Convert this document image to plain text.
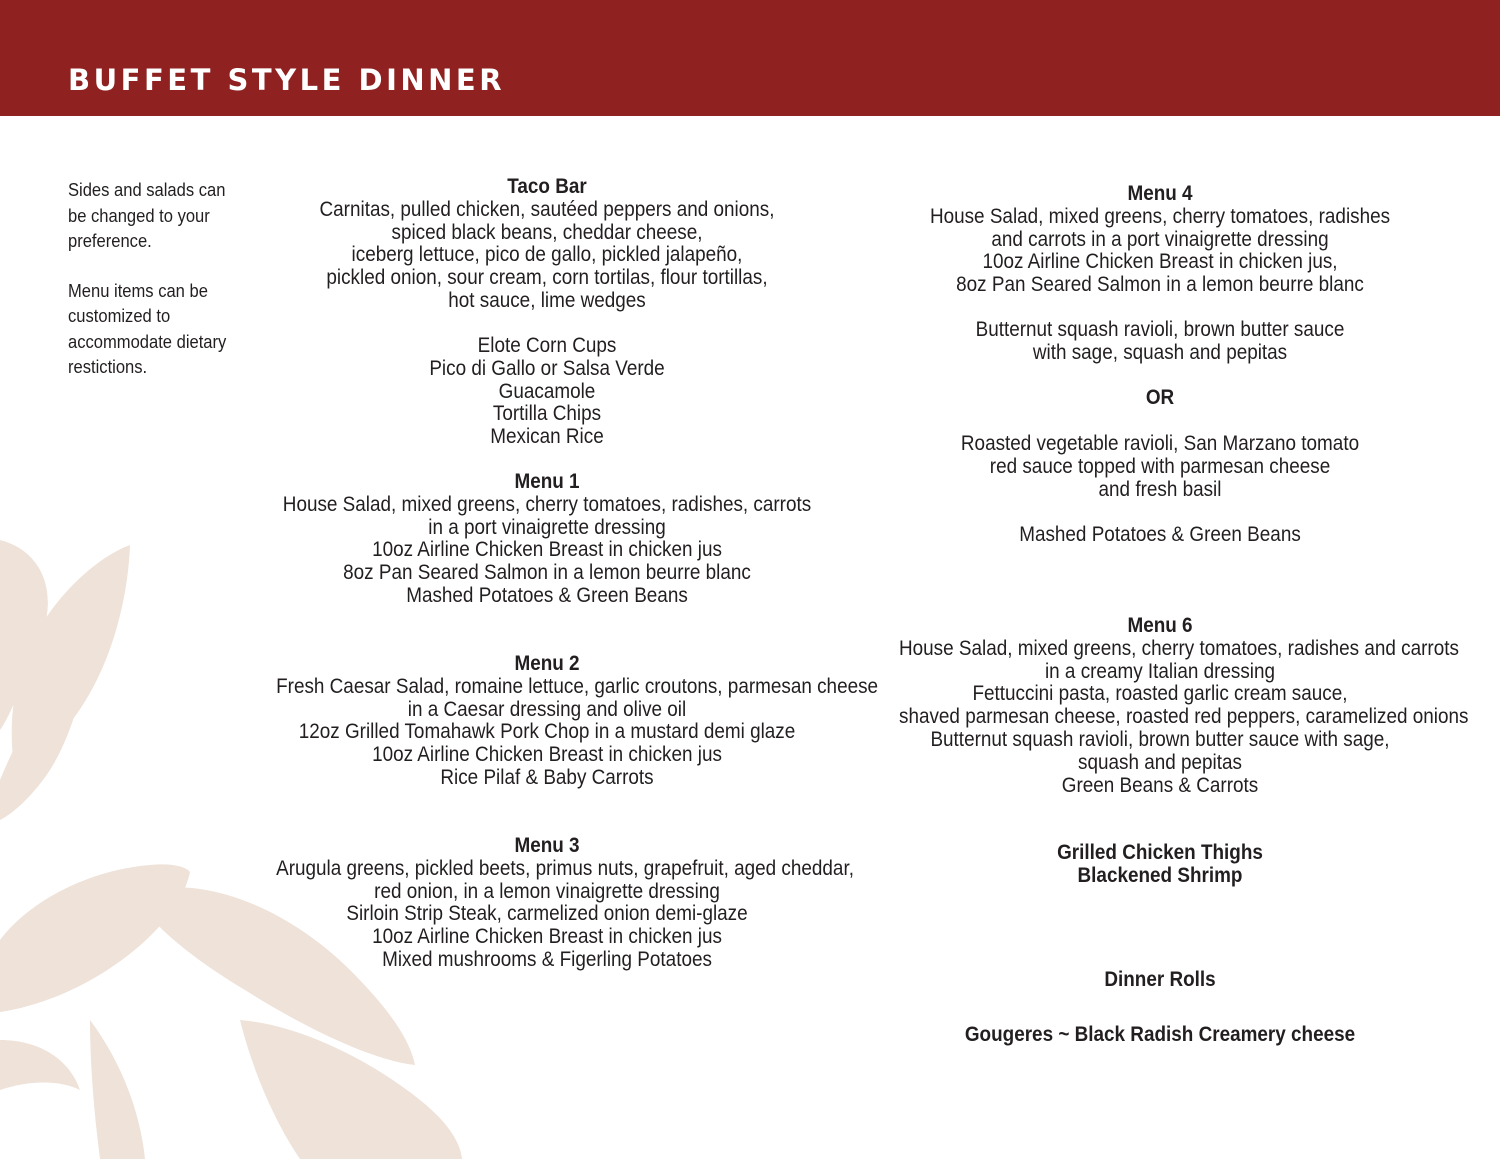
BUFFET STYLE DINNER

Sides and salads can
be changed to your
preference.

Menu items can be
customized to
accommodate dietary
restictions.

Taco Bar
Carnitas, pulled chicken, sautéed peppers and onions,
spiced black beans, cheddar cheese,
iceberg lettuce, pico de gallo, pickled jalapeño,
pickled onion, sour cream, corn tortilas, flour tortillas,
hot sauce, lime wedges
Elote Corn Cups
Pico di Gallo or Salsa Verde
Guacamole
Tortilla Chips
Mexican Rice
Menu 1
House Salad, mixed greens, cherry tomatoes, radishes, carrots
in a port vinaigrette dressing
10oz Airline Chicken Breast in chicken jus
8oz Pan Seared Salmon in a lemon beurre blanc
Mashed Potatoes & Green Beans
Menu 2
Fresh Caesar Salad, romaine lettuce, garlic croutons, parmesan cheese
in a Caesar dressing and olive oil
12oz Grilled Tomahawk Pork Chop in a mustard demi glaze
10oz Airline Chicken Breast in chicken jus
Rice Pilaf & Baby Carrots
Menu 3
Arugula greens, pickled beets, primus nuts, grapefruit, aged cheddar,
red onion, in a lemon vinaigrette dressing
Sirloin Strip Steak, carmelized onion demi-glaze
10oz Airline Chicken Breast in chicken jus
Mixed mushrooms & Figerling Potatoes
Menu 4
House Salad, mixed greens, cherry tomatoes, radishes
and carrots in a port vinaigrette dressing
10oz Airline Chicken Breast in chicken jus,
8oz Pan Seared Salmon in a lemon beurre blanc
Butternut squash ravioli, brown butter sauce
with sage, squash and pepitas
OR
Roasted vegetable ravioli, San Marzano tomato
red sauce topped with parmesan cheese
and fresh basil
Mashed Potatoes & Green Beans
Menu 6
House Salad, mixed greens, cherry tomatoes, radishes and carrots
in a creamy Italian dressing
Fettuccini pasta, roasted garlic cream sauce,
shaved parmesan cheese, roasted red peppers, caramelized onions
Butternut squash ravioli, brown butter sauce with sage,
squash and pepitas
Green Beans & Carrots
Grilled Chicken Thighs
Blackened Shrimp
Dinner Rolls
Gougeres ~ Black Radish Creamery cheese
